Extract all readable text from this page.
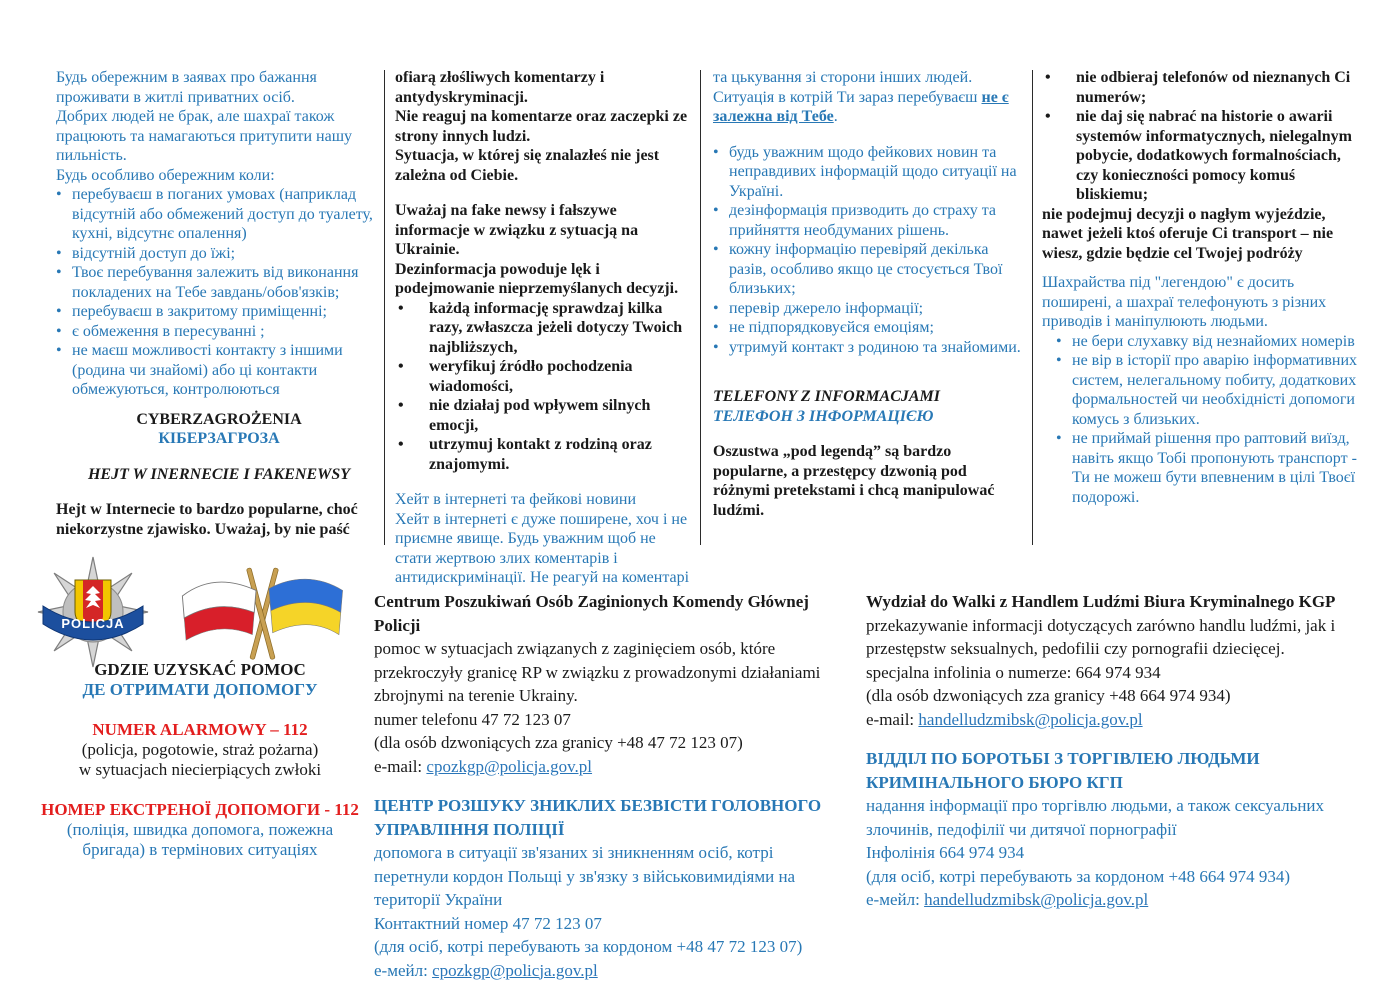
Будь обережним в заявах про бажання проживати в житлі приватних осіб.
Добрих людей не брак, але шахраї також працюють та намагаються притупити нашу пильність.
Будь особливо обережним коли:
• перебуваєш в поганих умовах (наприклад відсутній або обмежений доступ до туалету, кухні, відсутнє опалення)
• відсутній доступ до їжі;
• Твоє перебування залежить від виконання покладених на Тебе завдань/обов'язків;
• перебуваєш в закритому приміщенні;
• є обмеження в пересуванні ;
• не маєш можливості контакту з іншими (родина чи знайомі) або ці контакти обмежуються, контролюються
CYBERZAGROŻENIA
КІБЕРЗАГРОЗА
HEJT W INERNECIE I FAKENEWSY
Hejt w Internecie to bardzo popularne, choć niekorzystne zjawisko. Uważaj, by nie paść
ofiarą złośliwych komentarzy i antydyskryminacji.
Nie reaguj na komentarze oraz zaczepki ze strony innych ludzi.
Sytuacja, w której się znalazłeś nie jest zależna od Ciebie.
Uważaj na fake newsy i fałszywe informacje w związku z sytuacją na Ukrainie.
Dezinformacja powoduje lęk i podejmowanie nieprzemyślanych decyzji.
•	każdą informację sprawdzaj kilka razy, zwłaszcza jeżeli dotyczy Twoich najbliższych,
•	weryfikuj źródło pochodzenia wiadomości,
•	nie działaj pod wpływem silnych emocji,
•	utrzymuj kontakt z rodziną oraz znajomymi.
Хейт в інтернеті та фейкові новини
Хейт в інтернеті є дуже поширене, хоч і не приємне явище. Будь уважним щоб не стати жертвою злих коментарів і антидискримінації. Не реагуй на коментарі
та цькування зі сторони інших людей.
Ситуація в котрій Ти зараз перебуваєш не є залежна від Тебе.
• будь уважним щодо фейкових новин та неправдивих інформацій щодо ситуації на Україні.
• дезінформація призводить до страху та прийняття необдуманих рішень.
• кожну інформацію перевіряй декілька разів, особливо якщо це стосується Твої близьких;
• перевір джерело інформації;
• не підпорядковуєйся емоціям;
• утримуй контакт з родиною та знайомими.
TELEFONY Z INFORMACJAMI
ТЕЛЕФОН З ІНФОРМАЦІЄЮ
Oszustwa „pod legendą” są bardzo popularne, a przestępcy dzwonią pod różnymi pretekstami i chcą manipulować ludźmi.
•	nie odbieraj telefonów od nieznanych Ci numerów;
•	nie daj się nabrać na historie o awarii systemów informatycznych, nielegalnym pobycie, dodatkowych formalnościach, czy konieczności pomocy komuś bliskiemu;
nie podejmuj decyzji o nagłym wyjeździe, nawet jeżeli ktoś oferuje Ci transport – nie wiesz, gdzie będzie cel Twojej podróży
Шахрайства під "легендою" є досить поширені, а шахраї телефонують з різних приводів і маніпулюють людьми.
• не бери слухавку від незнайомих номерів
• не вір в історії про аварію інформативних систем, нелегальному побиту, додаткових формальностей чи необхідністі допомоги комусь з близьких.
• не приймай рішення про раптовий виїзд, навіть якщо Тобі пропонують транспорт - Ти не можеш бути впевненим в цілі Твоєї подорожі.
POLICJA
GDZIE UZYSKAĆ POMOC
ДЕ ОТРИМАТИ ДОПОМОГУ
NUMER ALARMOWY – 112
(policja, pogotowie, straż pożarna)
w sytuacjach niecierpiących zwłoki
НОМЕР ЕКСТРЕНОЇ ДОПОМОГИ - 112
(поліція, швидка допомога, пожежна бригада) в термінових ситуаціях
Centrum Poszukiwań Osób Zaginionych Komendy Głównej Policji
pomoc w sytuacjach związanych z zaginięciem osób, które przekroczyły granicę RP w związku z prowadzonymi działaniami zbrojnymi na terenie Ukrainy.
numer telefonu 47 72 123 07
(dla osób dzwoniących zza granicy +48 47 72 123 07)
e-mail: cpozkgp@policja.gov.pl
ЦЕНТР РОЗШУКУ ЗНИКЛИХ БЕЗВІСТИ ГОЛОВНОГО УПРАВЛІННЯ ПОЛІЦІЇ
допомога в ситуації зв'язаних зі зникненням осіб, котрі перетнули кордон Польщі у зв'язку з військовимидіями на території України
Контактний номер 47 72 123 07
(для осіб, котрі перебувають за кордоном +48 47 72 123 07)
е-мейл: cpozkgp@policja.gov.pl
Wydział do Walki z Handlem Ludźmi Biura Kryminalnego KGP
przekazywanie informacji dotyczących zarówno handlu ludźmi, jak i przestępstw seksualnych, pedofilii czy pornografii dziecięcej.
specjalna infolinia o numerze: 664 974 934
(dla osób dzwoniących zza granicy +48 664 974 934)
e-mail: handelludzmibsk@policja.gov.pl
ВІДДІЛ ПО БОРОТЬБІ З ТОРГІВЛЕЮ ЛЮДЬМИ КРИМІНАЛЬНОГО БЮРО КГП
надання інформації про торгівлю людьми, а також сексуальних злочинів, педофілії чи дитячої порнографії
Інфолінія 664 974 934
(для осіб, котрі перебувають за кордоном +48 664 974 934)
е-мейл: handelludzmibsk@policja.gov.pl
